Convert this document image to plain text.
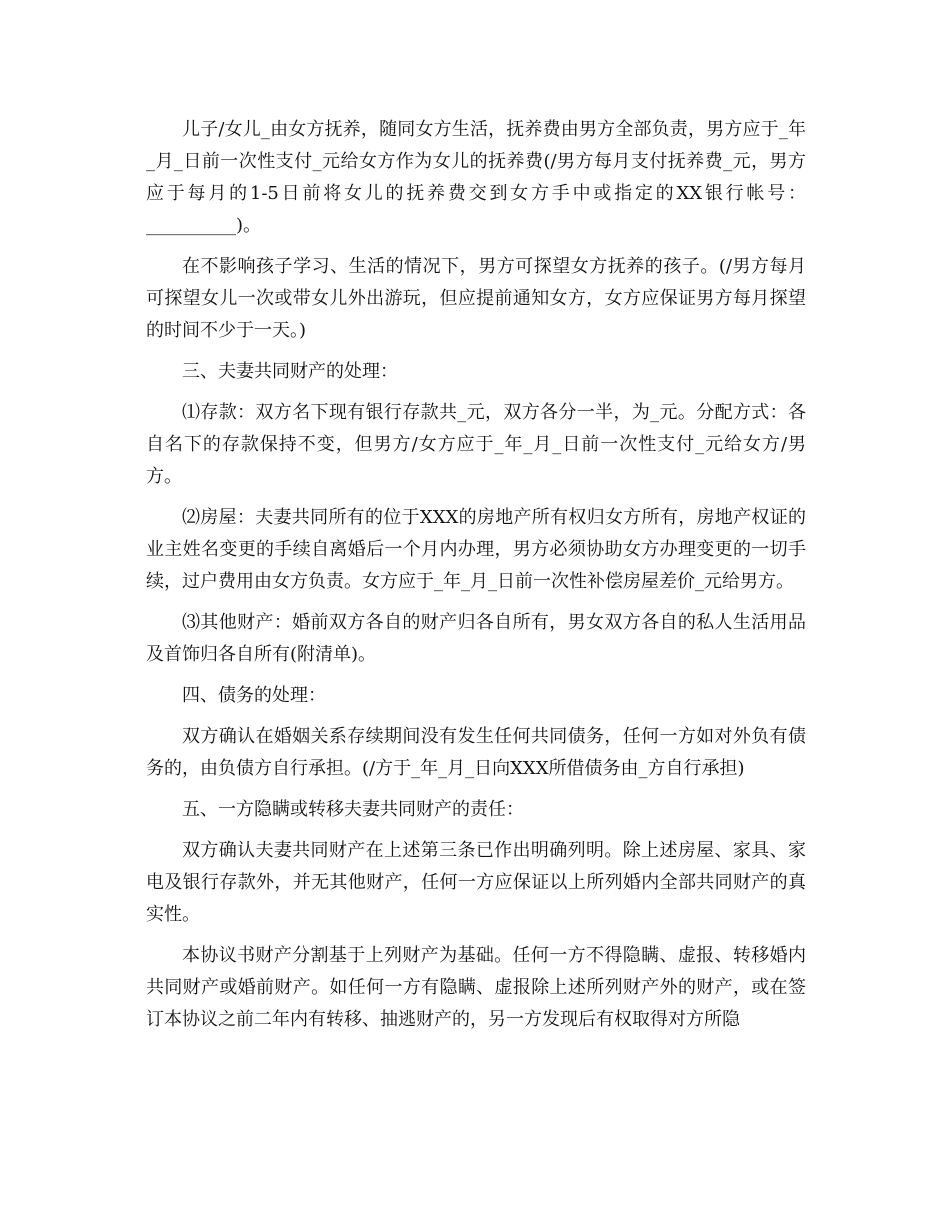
儿子/女儿_由女方抚养，随同女方生活，抚养费由男方全部负责，男方应于_年_月_日前一次性支付_元给女方作为女儿的抚养费(/男方每月支付抚养费_元，男方应于每月的1-5日前将女儿的抚养费交到女方手中或指定的XX银行帐号：__________)。

在不影响孩子学习、生活的情况下，男方可探望女方抚养的孩子。(/男方每月可探望女儿一次或带女儿外出游玩，但应提前通知女方，女方应保证男方每月探望的时间不少于一天。)

三、夫妻共同财产的处理：

⑴存款：双方名下现有银行存款共_元，双方各分一半，为_元。分配方式：各自名下的存款保持不变，但男方/女方应于_年_月_日前一次性支付_元给女方/男方。

⑵房屋：夫妻共同所有的位于XXX的房地产所有权归女方所有，房地产权证的业主姓名变更的手续自离婚后一个月内办理，男方必须协助女方办理变更的一切手续，过户费用由女方负责。女方应于_年_月_日前一次性补偿房屋差价_元给男方。

⑶其他财产：婚前双方各自的财产归各自所有，男女双方各自的私人生活用品及首饰归各自所有(附清单)。

四、债务的处理：

双方确认在婚姻关系存续期间没有发生任何共同债务，任何一方如对外负有债务的，由负债方自行承担。(/方于_年_月_日向XXX所借债务由_方自行承担)

五、一方隐瞒或转移夫妻共同财产的责任：

双方确认夫妻共同财产在上述第三条已作出明确列明。除上述房屋、家具、家电及银行存款外，并无其他财产，任何一方应保证以上所列婚内全部共同财产的真实性。

本协议书财产分割基于上列财产为基础。任何一方不得隐瞒、虚报、转移婚内共同财产或婚前财产。如任何一方有隐瞒、虚报除上述所列财产外的财产，或在签订本协议之前二年内有转移、抽逃财产的，另一方发现后有权取得对方所隐
